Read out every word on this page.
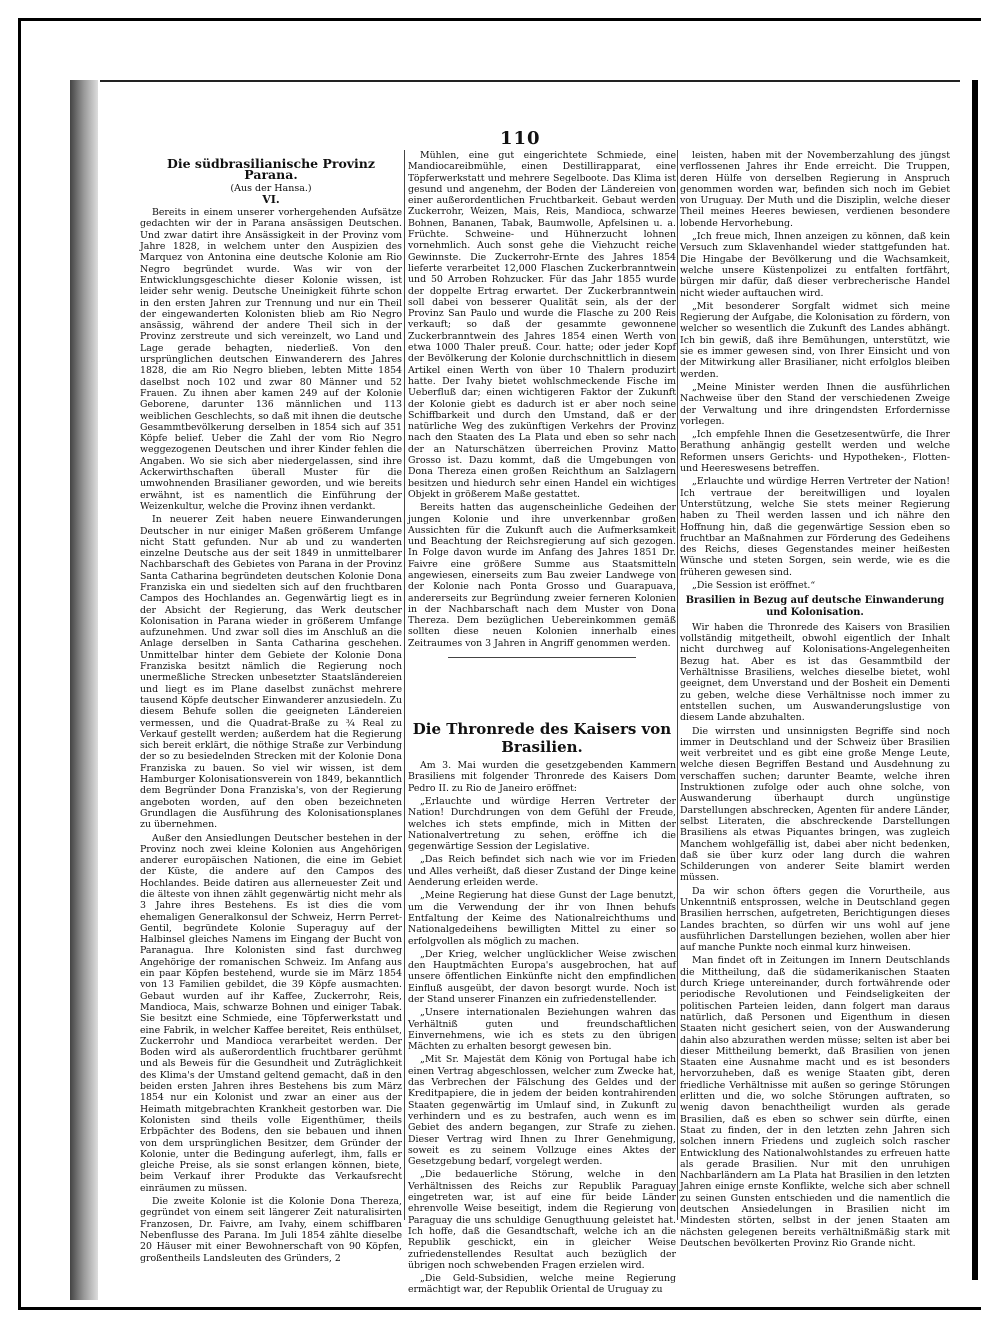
110
Die südbrasilianische Provinz Parana.
(Aus der Hansa.)
VI.

Bereits in einem unserer vorhergehenden Aufsätze gedachten wir der in Parana ansässigen Deutschen. Und zwar datirt ihre Ansässigkeit in der Provinz vom Jahre 1828, in welchem unter den Auspizien des Marquez von Antonina eine deutsche Kolonie am Rio Negro begründet wurde. Was wir von der Entwicklungsgeschichte dieser Kolonie wissen, ist leider sehr wenig. Deutsche Uneinigkeit führte schon in den ersten Jahren zur Trennung und nur ein Theil der eingewanderten Kolonisten blieb am Rio Negro ansässig, während der andere Theil sich in der Provinz zerstreute und sich vereinzelt, wo Land und Lage gerade behagten, niederließ. Von den ursprünglichen deutschen Einwanderern des Jahres 1828, die am Rio Negro blieben, lebten Mitte 1854 daselbst noch 102 und zwar 80 Männer und 52 Frauen. Zu ihnen aber kamen 249 auf der Kolonie Geborene, darunter 136 männlichen und 113 weiblichen Geschlechts, so daß mit ihnen die deutsche Gesammtbevölkerung derselben in 1854 sich auf 351 Köpfe belief. Ueber die Zahl der vom Rio Negro weggezogenen Deutschen und ihrer Kinder fehlen die Angaben. Wo sie sich aber niedergelassen, sind ihre Ackerwirthschaften überall Muster für die umwohnenden Brasilianer geworden, und wie bereits erwähnt, ist es namentlich die Einführung der Weizenkultur, welche die Provinz ihnen verdankt.

In neuerer Zeit haben neuere Einwanderungen Deutscher in nur einiger Maßen größerem Umfange nicht Statt gefunden. Nur ab und zu wanderten einzelne Deutsche aus der seit 1849 in unmittelbarer Nachbarschaft des Gebietes von Parana in der Provinz Santa Catharina begründeten deutschen Kolonie Dona Franziska ein und siedelten sich auf den fruchtbaren Campos des Hochlandes an. Gegenwärtig liegt es in der Absicht der Regierung, das Werk deutscher Kolonisation in Parana wieder in größerem Umfange aufzunehmen. Und zwar soll dies im Anschluß an die Anlage derselben in Santa Catharina geschehen. Unmittelbar hinter dem Gebiete der Kolonie Dona Franziska besitzt nämlich die Regierung noch unermeßliche Strecken unbesetzter Staatsländereien und liegt es im Plane daselbst zunächst mehrere tausend Köpfe deutscher Einwanderer anzusiedeln. Zu diesem Behufe sollen die geeigneten Ländereien vermessen, und die Quadrat-Braße zu ¾ Real zu Verkauf gestellt werden; außerdem hat die Regierung sich bereit erklärt, die nöthige Straße zur Verbindung der so zu besiedelnden Strecken mit der Kolonie Dona Franziska zu bauen. So viel wir wissen, ist dem Hamburger Kolonisationsverein von 1849, bekanntlich dem Begründer Dona Franziska's, von der Regierung angeboten worden, auf den oben bezeichneten Grundlagen die Ausführung des Kolonisationsplanes zu übernehmen.

Außer den Ansiedlungen Deutscher bestehen in der Provinz noch zwei kleine Kolonien aus Angehörigen anderer europäischen Nationen, die eine im Gebiet der Küste, die andere auf den Campos des Hochlandes. Beide datiren aus allerneuester Zeit und die älteste von ihnen zählt gegenwärtig nicht mehr als 3 Jahre ihres Bestehens. Es ist dies die vom ehemaligen Generalkonsul der Schweiz, Herrn Perret-Gentil, begründete Kolonie Superaguy auf der Halbinsel gleiches Namens im Eingang der Bucht von Paranagua. Ihre Kolonisten sind fast durchweg Angehörige der romanischen Schweiz. Im Anfang aus ein paar Köpfen bestehend, wurde sie im März 1854 von 13 Familien gebildet, die 39 Köpfe ausmachten. Gebaut wurden auf ihr Kaffee, Zuckerrohr, Reis, Mandioca, Mais, schwarze Bohnen und einiger Tabak. Sie besitzt eine Schmiede, eine Töpferwerkstatt und eine Fabrik, in welcher Kaffee bereitet, Reis enthülset, Zuckerrohr und Mandioca verarbeitet werden. Der Boden wird als außerordentlich fruchtbarer gerühmt und als Beweis für die Gesundheit und Zuträglichkeit des Klima's der Umstand geltend gemacht, daß in den beiden ersten Jahren ihres Bestehens bis zum März 1854 nur ein Kolonist und zwar an einer aus der Heimath mitgebrachten Krankheit gestorben war. Die Kolonisten sind theils volle Eigenthümer, theils Erbpächter des Bodens, den sie bebauen und ihnen von dem ursprünglichen Besitzer, dem Gründer der Kolonie, unter die Bedingung auferlegt, ihm, falls er gleiche Preise, als sie sonst erlangen können, biete, beim Verkauf ihrer Produkte das Verkaufsrecht einräumen zu müssen.

Die zweite Kolonie ist die Kolonie Dona Thereza, gegründet von einem seit längerer Zeit naturalisirten Franzosen, Dr. Faivre, am Ivahy, einem schiffbaren Nebenflusse des Parana. Im Juli 1854 zählte dieselbe 20 Häuser mit einer Bewohnerschaft von 90 Köpfen, großentheils Landsleuten des Gründers, 2

Mühlen, eine gut eingerichtete Schmiede, eine Mandiocareibmühle, einen Destillirapparat, eine Töpferwerkstatt und mehrere Segelboote. Das Klima ist gesund und angenehm, der Boden der Ländereien von einer außerordentlichen Fruchtbarkeit. Gebaut werden Zuckerrohr, Weizen, Mais, Reis, Mandioca, schwarze Bohnen, Bananen, Tabak, Baumwolle, Apfelsinen u. a. Früchte. Schweine- und Hühnerzucht lohnen vornehmlich. Auch sonst gehe die Viehzucht reiche Gewinnste. Die Zuckerrohr-Ernte des Jahres 1854 lieferte verarbeitet 12,000 Flaschen Zuckerbranntwein und 50 Arroben Rohzucker. Für das Jahr 1855 wurde der doppelte Ertrag erwartet. Der Zuckerbranntwein soll dabei von besserer Qualität sein, als der der Provinz San Paulo und wurde die Flasche zu 200 Reis verkauft; so daß der gesammte gewonnene Zuckerbranntwein des Jahres 1854 einen Werth von etwa 1000 Thaler preuß. Cour. hatte; oder jeder Kopf der Bevölkerung der Kolonie durchschnittlich in diesem Artikel einen Werth von über 10 Thalern produzirt hatte. Der Ivahy bietet wohlschmeckende Fische im Ueberfluß dar; einen wichtigeren Faktor der Zukunft der Kolonie giebt es dadurch ist er aber noch seine Schiffbarkeit und durch den Umstand, daß er der natürliche Weg des zukünftigen Verkehrs der Provinz nach den Staaten des La Plata und eben so sehr nach der an Naturschätzen überreichen Provinz Matto Grosso ist. Dazu kommt, daß die Umgebungen von Dona Thereza einen großen Reichthum an Salzlagern besitzen und hiedurch sehr einen Handel ein wichtiges Objekt in größerem Maße gestattet.

Bereits hatten das augenscheinliche Gedeihen der jungen Kolonie und ihre unverkennbar großen Aussichten für die Zukunft auch die Aufmerksamkeit und Beachtung der Reichsregierung auf sich gezogen. In Folge davon wurde im Anfang des Jahres 1851 Dr. Faivre eine größere Summe aus Staatsmitteln angewiesen, einerseits zum Bau zweier Landwege von der Kolonie nach Ponta Grosso und Guarapuava, andererseits zur Begründung zweier ferneren Kolonien in der Nachbarschaft nach dem Muster von Dona Thereza. Dem bezüglichen Uebereinkommen gemäß sollten diese neuen Kolonien innerhalb eines Zeitraumes von 3 Jahren in Angriff genommen werden.

Die Thronrede des Kaisers von
Brasilien.

Am 3. Mai wurden die gesetzgebenden Kammern Brasiliens mit folgender Thronrede des Kaisers Dom Pedro II. zu Rio de Janeiro eröffnet:

„Erlauchte und würdige Herren Vertreter der Nation! Durchdrungen von dem Gefühl der Freude, welches ich stets empfinde, mich in Mitten der Nationalvertretung zu sehen, eröffne ich die gegenwärtige Session der Legislative.

„Das Reich befindet sich nach wie vor im Frieden und Alles verheißt, daß dieser Zustand der Dinge keine Aenderung erleiden werde.

„Meine Regierung hat diese Gunst der Lage benutzt, um die Verwendung der ihr von Ihnen behufs Entfaltung der Keime des Nationalreichthums und Nationalgedeihens bewilligten Mittel zu einer so erfolgvollen als möglich zu machen.

„Der Krieg, welcher unglücklicher Weise zwischen den Hauptmächten Europa's ausgebrochen, hat auf unsere öffentlichen Einkünfte nicht den empfindlichen Einfluß ausgeübt, der davon besorgt wurde. Noch ist der Stand unserer Finanzen ein zufriedenstellender.

„Unsere internationalen Beziehungen wahren das Verhältniß guten und freundschaftlichen Einvernehmens, wie ich es stets zu den übrigen Mächten zu erhalten besorgt gewesen bin.

„Mit Sr. Majestät dem König von Portugal habe ich einen Vertrag abgeschlossen, welcher zum Zwecke hat, das Verbrechen der Fälschung des Geldes und der Kreditpapiere, die in jedem der beiden kontrahirenden Staaten gegenwärtig im Umlauf sind, in Zukunft zu verhindern und es zu bestrafen, auch wenn es im Gebiet des andern begangen, zur Strafe zu ziehen. Dieser Vertrag wird Ihnen zu Ihrer Genehmigung, soweit es zu seinem Vollzuge eines Aktes der Gesetzgebung bedarf, vorgelegt werden.

„Die bedauerliche Störung, welche in den Verhältnissen des Reichs zur Republik Paraguay eingetreten war, ist auf eine für beide Länder ehrenvolle Weise beseitigt, indem die Regierung von Paraguay die uns schuldige Genugthuung geleistet hat. Ich hoffe, daß die Gesandtschaft, welche ich an die Republik geschickt, ein in gleicher Weise zufriedenstellendes Resultat auch bezüglich der übrigen noch schwebenden Fragen erzielen wird.

„Die Geld-Subsidien, welche meine Regierung ermächtigt war, der Republik Oriental de Uruguay zu

leisten, haben mit der Novemberzahlung des jüngst verflossenen Jahres ihr Ende erreicht. Die Truppen, deren Hülfe von derselben Regierung in Anspruch genommen worden war, befinden sich noch im Gebiet von Uruguay. Der Muth und die Disziplin, welche dieser Theil meines Heeres bewiesen, verdienen besondere lobende Hervorhebung.

„Ich freue mich, Ihnen anzeigen zu können, daß kein Versuch zum Sklavenhandel wieder stattgefunden hat. Die Hingabe der Bevölkerung und die Wachsamkeit, welche unsere Küstenpolizei zu entfalten fortfährt, bürgen mir dafür, daß dieser verbrecherische Handel nicht wieder auftauchen wird.

„Mit besonderer Sorgfalt widmet sich meine Regierung der Aufgabe, die Kolonisation zu fördern, von welcher so wesentlich die Zukunft des Landes abhängt. Ich bin gewiß, daß ihre Bemühungen, unterstützt, wie sie es immer gewesen sind, von Ihrer Einsicht und von der Mitwirkung aller Brasilianer, nicht erfolglos bleiben werden.

„Meine Minister werden Ihnen die ausführlichen Nachweise über den Stand der verschiedenen Zweige der Verwaltung und ihre dringendsten Erfordernisse vorlegen.

„Ich empfehle Ihnen die Gesetzesentwürfe, die Ihrer Berathung anhängig gestellt werden und welche Reformen unsers Gerichts- und Hypotheken-, Flotten- und Heereswesens betreffen.

„Erlauchte und würdige Herren Vertreter der Nation! Ich vertraue der bereitwilligen und loyalen Unterstützung, welche Sie stets meiner Regierung haben zu Theil werden lassen und ich nähre den Hoffnung hin, daß die gegenwärtige Session eben so fruchtbar an Maßnahmen zur Förderung des Gedeihens des Reichs, dieses Gegenstandes meiner heißesten Wünsche und steten Sorgen, sein werde, wie es die früheren gewesen sind.

„Die Session ist eröffnet.“

Brasilien in Bezug auf deutsche Einwanderung und Kolonisation.

Wir haben die Thronrede des Kaisers von Brasilien vollständig mitgetheilt, obwohl eigentlich der Inhalt nicht durchweg auf Kolonisations-Angelegenheiten Bezug hat. Aber es ist das Gesammtbild der Verhältnisse Brasiliens, welches dieselbe bietet, wohl geeignet, dem Unverstand und der Bosheit ein Dementi zu geben, welche diese Verhältnisse noch immer zu entstellen suchen, um Auswanderungslustige von diesem Lande abzuhalten.

Die wirrsten und unsinnigsten Begriffe sind noch immer in Deutschland und der Schweiz über Brasilien weit verbreitet und es gibt eine große Menge Leute, welche diesen Begriffen Bestand und Ausdehnung zu verschaffen suchen; darunter Beamte, welche ihren Instruktionen zufolge oder auch ohne solche, von Auswanderung überhaupt durch ungünstige Darstellungen abschrecken, Agenten für andere Länder, selbst Literaten, die abschreckende Darstellungen Brasiliens als etwas Piquantes bringen, was zugleich Manchem wohlgefällig ist, dabei aber nicht bedenken, daß sie über kurz oder lang durch die wahren Schilderungen von anderer Seite blamirt werden müssen.

Da wir schon öfters gegen die Vorurtheile, aus Unkenntniß entsprossen, welche in Deutschland gegen Brasilien herrschen, aufgetreten, Berichtigungen dieses Landes brachten, so dürfen wir uns wohl auf jene ausführlichen Darstellungen beziehen, wollen aber hier auf manche Punkte noch einmal kurz hinweisen.

Man findet oft in Zeitungen im Innern Deutschlands die Mittheilung, daß die südamerikanischen Staaten durch Kriege untereinander, durch fortwährende oder periodische Revolutionen und Feindseligkeiten der politischen Parteien leiden, dann folgert man daraus natürlich, daß Personen und Eigenthum in diesen Staaten nicht gesichert seien, von der Auswanderung dahin also abzurathen werden müsse; selten ist aber bei dieser Mittheilung bemerkt, daß Brasilien von jenen Staaten eine Ausnahme macht und es ist besonders hervorzuheben, daß es wenige Staaten gibt, deren friedliche Verhältnisse mit außen so geringe Störungen erlitten und die, wo solche Störungen auftraten, so wenig davon benachtheiligt wurden als gerade Brasilien, daß es eben so schwer sein dürfte, einen Staat zu finden, der in den letzten zehn Jahren sich solchen innern Friedens und zugleich solch rascher Entwicklung des Nationalwohlstandes zu erfreuen hatte als gerade Brasilien. Nur mit den unruhigen Nachbarländern am La Plata hat Brasilien in den letzten Jahren einige ernste Konflikte, welche sich aber schnell zu seinen Gunsten entschieden und die namentlich die deutschen Ansiedelungen in Brasilien nicht im Mindesten störten, selbst in der jenen Staaten am nächsten gelegenen bereits verhältnißmäßig stark mit Deutschen bevölkerten Provinz Rio Grande nicht.
